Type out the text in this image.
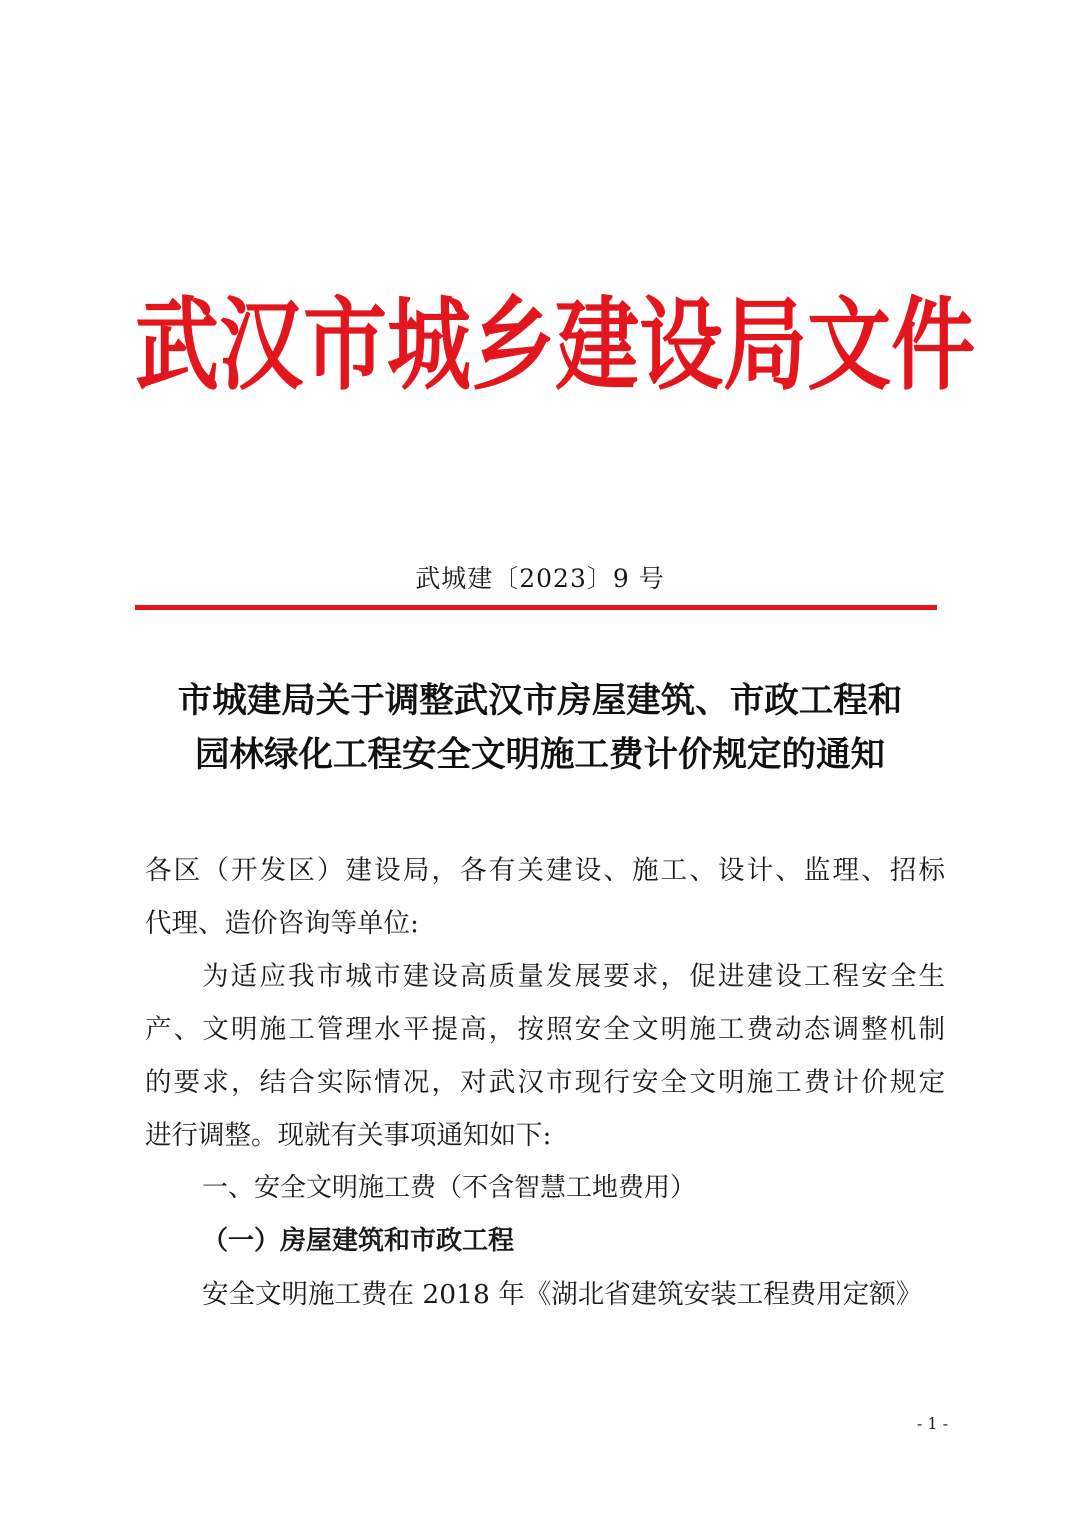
武 汉 市 城 乡 建 设 局 文 件
武城建〔2023〕9 号
市城建局关于调整武汉市房屋建筑、市政工程和
园林绿化工程安全文明施工费计价规定的通知
各区（开发区）建设局，各有关建设、施工、设计、监理、招标
代理、造价咨询等单位:
为适应我市城市建设高质量发展要求，促进建设工程安全生
产、文明施工管理水平提高，按照安全文明施工费动态调整机制
的要求，结合实际情况，对武汉市现行安全文明施工费计价规定
进行调整。现就有关事项通知如下:
一、安全文明施工费（不含智慧工地费用）
（一）房屋建筑和市政工程
安全文明施工费在 2018 年《湖北省建筑安装工程费用定额》
- 1 -
